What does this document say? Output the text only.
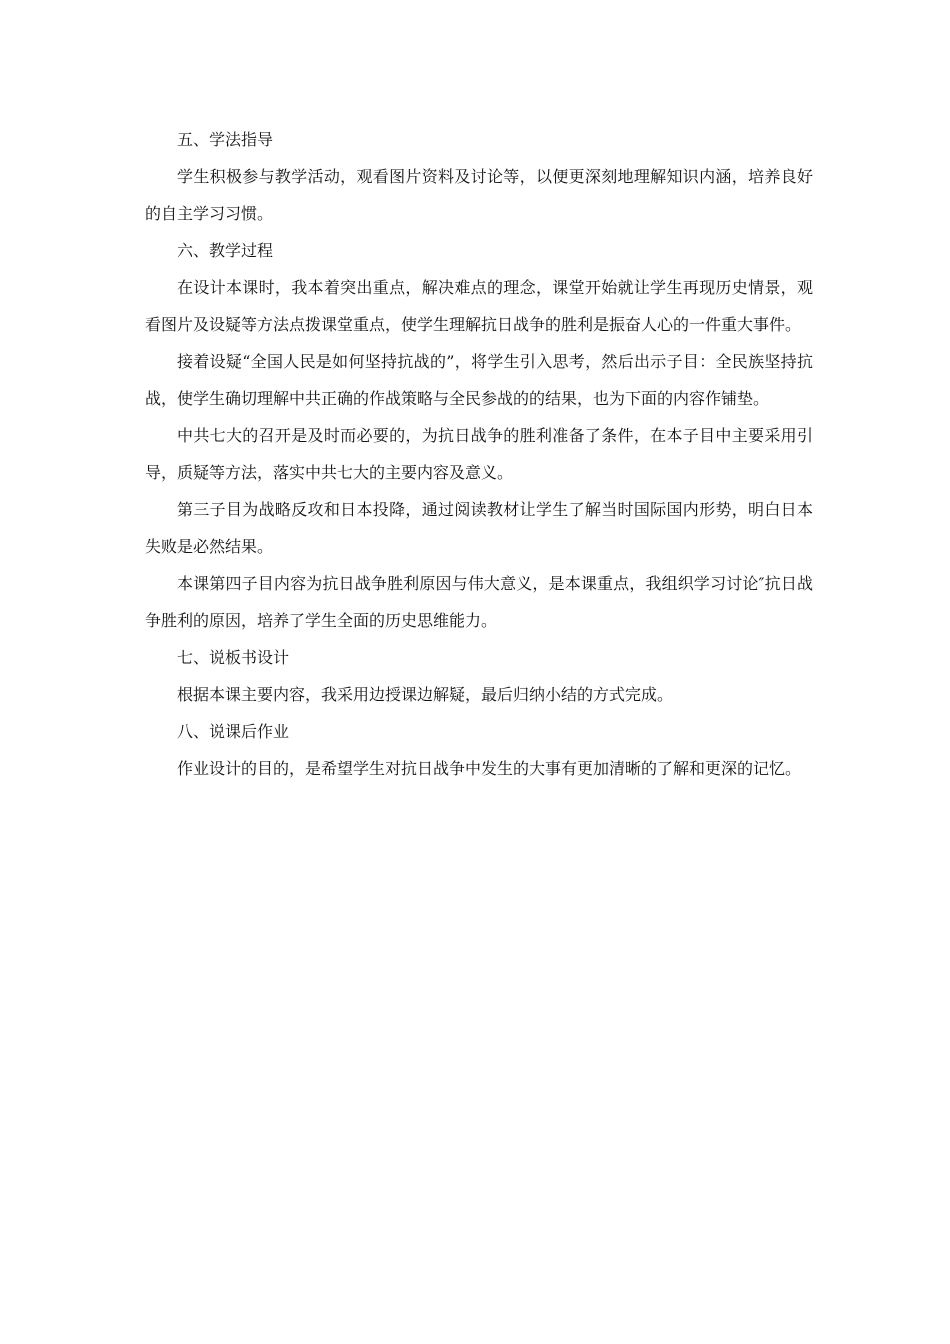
五、学法指导

学生积极参与教学活动，观看图片资料及讨论等，以便更深刻地理解知识内涵，培养良好的自主学习习惯。

六、教学过程

在设计本课时，我本着突出重点，解决难点的理念，课堂开始就让学生再现历史情景，观看图片及设疑等方法点拨课堂重点，使学生理解抗日战争的胜利是振奋人心的一件重大事件。

接着设疑“全国人民是如何坚持抗战的”，将学生引入思考，然后出示子目：全民族坚持抗战，使学生确切理解中共正确的作战策略与全民参战的的结果，也为下面的内容作铺垫。

中共七大的召开是及时而必要的，为抗日战争的胜利准备了条件，在本子目中主要采用引导，质疑等方法，落实中共七大的主要内容及意义。

第三子目为战略反攻和日本投降，通过阅读教材让学生了解当时国际国内形势，明白日本失败是必然结果。

本课第四子目内容为抗日战争胜利原因与伟大意义，是本课重点，我组织学习讨论″抗日战争胜利的原因，培养了学生全面的历史思维能力。

七、说板书设计

根据本课主要内容，我采用边授课边解疑，最后归纳小结的方式完成。

八、说课后作业

作业设计的目的，是希望学生对抗日战争中发生的大事有更加清晰的了解和更深的记忆。
